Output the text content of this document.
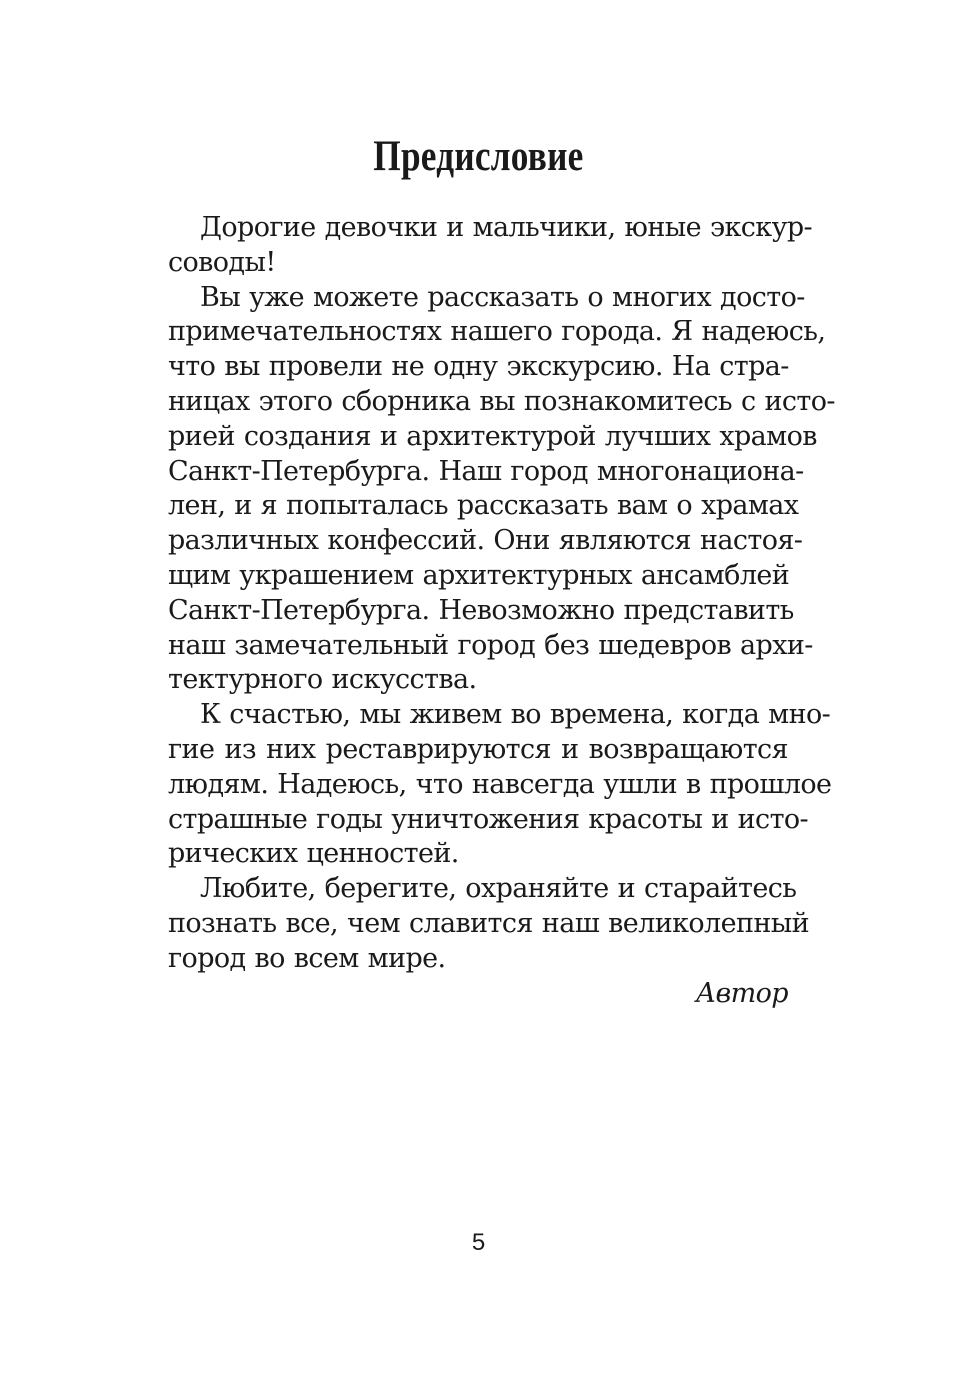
Предисловие
Дорогие девочки и мальчики, юные экскур-
соводы!
Вы уже можете рассказать о многих досто-
примечательностях нашего города. Я надеюсь,
что вы провели не одну экскурсию. На стра-
ницах этого сборника вы познакомитесь с исто-
рией создания и архитектурой лучших храмов
Санкт-Петербурга. Наш город многонациона-
лен, и я попыталась рассказать вам о храмах
различных конфессий. Они являются настоя-
щим украшением архитектурных ансамблей
Санкт-Петербурга. Невозможно представить
наш замечательный город без шедевров архи-
тектурного искусства.
К счастью, мы живем во времена, когда мно-
гие из них реставрируются и возвращаются
людям. Надеюсь, что навсегда ушли в прошлое
страшные годы уничтожения красоты и исто-
рических ценностей.
Любите, берегите, охраняйте и старайтесь
познать все, чем славится наш великолепный
город во всем мире.
Автор
5
